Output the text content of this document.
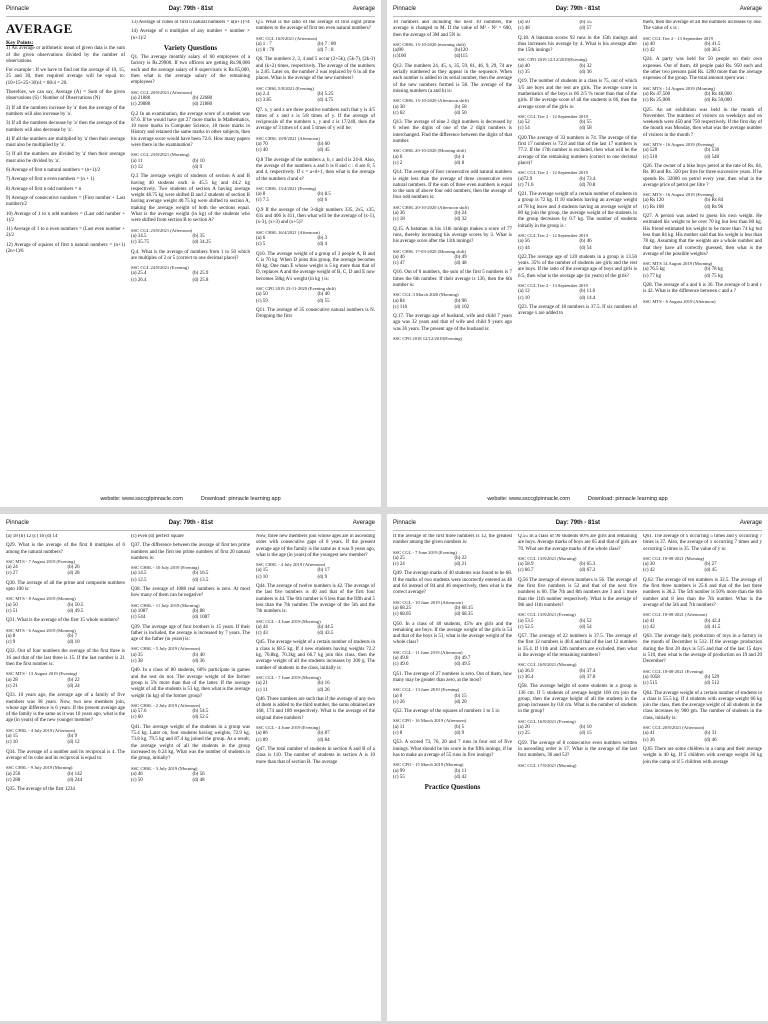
Pinnacle	Day: 79th - 81st	Average
AVERAGE
Key Points:

1) An average or arithmetic mean of given data is the sum of the given observations divided by the number of observations.

For example : If we have to find out the average of 10, 15, 25 and 30, then required average will be equal to: (10+15+25+30)/4 = 80/4 = 20.

Therefore, we can say, Average (A) = Sum of the given observations (S) / Number of Observations (N)

2) If all the numbers increase by 'a' then the average of the numbers will also increase by 'a'.

3) If all the numbers decrease by 'a' then the average of the numbers will also decrease by 'a'.

4) If all the numbers are multiplied by 'a' then their average must also be multiplied by 'a'.

5) If all the numbers are divided by 'a' then their average must also be divided by 'a'.

6) Average of first n natural numbers = (n+1)/2

7) Average of first n even numbers = (n + 1)

8) Average of first n odd numbers = n

9) Average of consecutive numbers = (First number + Last number)/2

10) Average of 1 to n odd numbers = (Last odd number + 1)/2

11) Average of 1 to n even numbers = (Last even number + 2)/2

12) Average of squares of first n natural numbers = (n+1)(2n+1)/6

13) Average of cubes of first n natural numbers = n(n+1)²/4

14) Average of n multiples of any number = number × (n+1)/2

Variety Questions

Q1. The average monthly salary of 60 employees of a factory is Rs.29900. If two officers are getting Rs.90,000 each and the average salary of 8 supervisors is Rs.65,000, then what is the average salary of the remaining employees?

SSC CGL 20/8/2021 (Afternoon)
(a) 21080	(b) 22680
(c) 29080	(d) 21880

Q.2 In an examination, the average score of a student was 67.6. If he would have got 27 more marks in Mathematics, 10 more marks in Computer Science, 18 more marks in History and retained the same marks in other subjects, then his average score would have been 72.6. How many papers were there in the examination?

SSC CGL 23/8/2021 (Morning)
(a) 11	(b) 10
(c) 12	(d) 9

Q.3 The average weight of students of section A and B having 40 students each is 45.5 kg and 44.2 kg respectively. Two students of section A having average weight 48.75 kg were shifted B and 2 students of section B having average weight 40.75 kg were shifted to section A, making the average weight of both the sections equal. What is the average weight (in kg) of the students who were shifted from section B to section A?

SSC CGL 23/8/2021 (Afternoon)
(a) 34.5	(b) 35
(c) 35.75	(d) 34.25

Q.4. What is the average of numbers from 1 to 50 which are multiples of 2 or 5 (correct to one decimal place)?

SSC CGL 24/8/2021 (Evening)
(a) 25.4	(b) 25.9
(c) 26.4	(d) 25.8

Q.5 What is the ratio of the average of first eight prime numbers to the average of first ten even natural numbers?

SSC CGL 16/8/2021 (Afternoon)
(a) 1 : 7	(b) 7 : 80
(c) 8 : 70	(d) 7 : 8

Q6. The numbers 2, 3, 4 and 5 occur (2+5k), (5k-7), (2k-3) and (k+2) times, respectively. The average of the numbers is 2.85. Later on, the number 2 was replaced by 6 in all the places. What is the average of the new numbers?

SSC CHSL 5/8/2021 (Evening)
(a) 2.4	(b) 5.25
(c) 3.85	(d) 4.75

Q7. x, y and z are three positive numbers such that y is 4/5 times of x and z is 5/8 times of y. If the average of reciprocals of the numbers x, y and z is 17/240, then the average of 3 times of x and 5 times of y will be:

SSC CHSL 18/8/2021 (Afternoon)
(a) 70	(b) 60
(c) 40	(d) 45

Q.8 The average of the numbers a, b, c and d is 24-8. Also, the average of the numbers a and b is 8 and c : d are 8, 5 and 4, respectively. If c = a+d+1, then what is the average of the numbers d and e?

SSC CHSL 13/4/2021 (Evening)
(a) 8	(b) 8.5
(c) 7.5	(d) 6

Q.9 If the average of the 3-digit numbers 335, 2x5, x35, 63x and 406 is 411, then what will be the average of (x-1), (x-3), (x+3) and (x+5)?

SSC CHSL 16/4/2021 (Afternoon)
(a) 6	(b) 3
(c) 5	(d) 4

Q10. The average weight of a group of 3 people A, B and C is 70 kg. When D joins this group, the average becomes 60 kg. One man E whose weight is 5 kg more than that of D, replaces A and the average weight of B, C, D and E now becomes 58kg A's weight (in kg ) is:

SSC CPO 2019 23-11-2020 (Evening shift)
(a) 50	(b) 40
(c) 59	(d) 55

Q11. The average of 35 consecutive natural numbers is N. Dropping the first

website: www.ssccglpinnacle.com	Download: pinnacle learning app
Pinnacle	Day: 79th - 81st	Average

10 numbers and including the next 10 numbers, the average is changed to M. If the value of M² - N² = 600, then the average of 3M and 5N is:

SSC CHSL 13-10-2020 (morning shift)
(a)90	(b)120
(c)100	(d)115

Q12. The numbers 24, 45, x, 35, 59, 81, 46, 9, 29, 74 are serially numbered as they appear in the sequence. When each number is added to its serial number, then the average of the new numbers formed is 58. The average of the missing numbers (a and b) is:

SSC CHSL 13-10-2020 (Afternoon shift)
(a) 38	(b) 58
(c) 62	(d) 50

Q13. The average of nine 2 digit numbers is decreased by 6 when the digits of one of the 2 digit numbers is interchanged. Find the difference between the digits of that number.

SSC CHSL 20-10-2020 (Morning shift)
(a) 6	(b) 4
(c) 2	(d) 8

Q14. The average of four consecutive odd natural numbers is eight less than the average of three consecutive even natural numbers. If the sum of three even numbers is equal to the sum of above four odd numbers, then the average of four odd numbers is:

SSC CHSL 20-10-2020 (Afternoon shift)
(a) 36	(b) 24
(c) 18	(d) 32

Q.15. A batsman in his 11th innings makes a score of 77 runs, thereby increasing his average scores by 3. What is his average score after the 11th innings?

SSC CHSL 17-03-2020 (Morning shift)
(a) 46	(b) 49
(c) 47	(d) 48

Q16. Out of 6 numbers, the sum of the first 5 numbers is 7 times the 6th number. If their average is 136, then the 6th number is:

SSC CGL 3 March 2020 (Morning)
(a) 84	(b) 96
(c) 116	(d) 102

Q.17. The average age of husband, wife and child 7 years ago was 32 years and that of wife and child 9 years ago was 36 years. The present age of the husband is:

SSC CPO 2018 12/12/2019(Evening)
(a) 50	(b) 55
(c) 48	(d) 57

Q.18. A batsman scores 92 runs in the 15th innings and thus increases his average by 4. What is his average after the 15th innings?

SSC CPO 2019 12/12/2019(Evening)
(a) 40	(b) 32
(c) 35	(d) 36

Q19. The number of students in a class is 75, out of which 3/5 are boys and the rest are girls. The average score in mathematics of the boys is 66 2/5 % more than that of the girls. If the average score of all the students is 66, then the average score of the girls is:

SSC CGL Tier 2 - 12 September 2019
(a) 52	(b) 55
(c) 54	(d) 58

Q20.The average of 33 numbers is 74. The average of the first 17 numbers is 72.8 and that of the last 17 numbers is 77.2. If the 17th number is excluded, then what will be the average of the remaining numbers (correct to one decimal place)?

SSC CGL Tier 2 - 12 September 2019
(a)72.9	(b) 73.4
(c) 71.6	(d) 70.8

Q21. The average weight of a certain number of students in a group is 72 kg. If 10 students having an average weight of 78 kg leave and 4 students having an average weight of 80 kg join the group, the average weight of the students in the group decreases by 0.7 kg. The number of students initially in the group is :

SSC CGL Tier 2 - 12 September 2019
(a) 56	(b) 46
(c) 44	(d) 54

Q22.The average age of 120 students in a group is 13.56 years. 35% of the number of students are girls and the rest are boys. If the ratio of the average age of boys and girls is 6:5, then what is the average age (in years) of the girls?

SSC CGL Tier 2 - 13 September 2019
(a) 12	(b) 11.6
(c) 10	(d) 14.4

Q23. The average of 18 numbers is 37.5. If six numbers of average x are added to

them, then the average of all the numbers increases by one. The value of x is :

SSC CGL Tier 2 - 13 September 2019
(a) 40	(b) 41.5
(c) 42	(d) 38.5

Q24. A party was held for 50 people on their own expenses. Out of them, 48 people paid Rs. 950 each and the other two persons paid Rs. 1200 more than the average expenses of the group. The total amount spent was :

SSC MTS - 14 August 2019 (Morning)
(a) Rs 47,500	(b) Rs 48,000
(c) Rs 25,000	(d) Rs 50,000

Q25. An art exhibition was held in the month of November. The numbers of visitors on weekdays and on weekends were 450 and 750 respectively. If the first day of the month was Monday, then what was the average number of visitors in the month ?

SSC MTS - 16 August 2019 (Evening)
(a) 520	(b) 530
(c) 510	(d) 540

Q26. The owner of a bike buys petrol at the rate of Rs. 64, Rs. 80 and Rs. 320 per litre for three successive years. If he spends Rs. 32000 on petrol every year, then what is the average price of petrol per litre ?

SSC MTS - 16 August 2019 (Evening)
(a) Rs 120	(b) Rs 84
(c) Rs 108	(d) Rs 96

Q27. A person was asked to guess his own weight. He estimated his weight to be over 70 kg but less than 80 kg. His friend estimated his weight to be more than 74 kg but less than 84 kg. His mother said that his weight is less than 78 kg. Assuming that the weights are a whole number and that they have all correctly guessed, then what is the average of the possible weights?

SSC MTS 14 August 2019 (Morning)
(a) 76.5 kg	(b) 78 kg
(c) 77 kg	(d) 75 kg

Q28. The average of a and b is 36. The average of b and c is 42. What is the difference between c and a ?

SSC MTS - 6 August 2019 (Afternoon)
website: www.ssccglpinnacle.com	Download: pinnacle learning app
Pinnacle	Day: 79th - 81st	Average

(a) 18 (b) 12 (c) 16 (d) 14

Q29. What is the average of the first 8 multiples of 6 among the natural numbers?

SSC MTS - 7 August 2019 (Evening)
(a) 24	(b) 26
(c) 27	(d) 28

Q30. The average of all the prime and composite numbers upto 100 is:

SSC MTS - 8 August 2019 (Morning)
(a) 50	(b) 50.5
(c) 51	(d) 49.5

Q31. What is the average of the first 15 whole numbers?

SSC MTS - 6 August 2019 (Morning)
(a) 8	(b) 7
(c) 9	(d) 10

Q32. Out of four numbers the average of the first three is 16 and that of the last three is 15. If the last number is 21 then the first number is:

SSC MTS - 13 August 2019 (Evening)
(a) 28	(b) 22
(c) 21	(d) 24

Q33. 10 years ago, the average age of a family of five members was 38 years. Now, two new members join, whose age difference is 6 years. If the present average age of the family is the same as it was 10 years ago, what is the age (in years) of the new younger member?

SSC CHSL - 4 July 2019 (Afternoon)
(a) 15	(b) 9
(c) 10	(d) 12

Q34. The average of a number and its reciprocal is 4. The average of its cube and its reciprocal is equal to:

SSC CHSL - 9 July 2019 (Morning)
(a) 256	(b) 142
(c) 288	(d) 244

Q35. The average of the first 1234

(c) even (d) perfect square

Q37. The difference between the average of first ten prime numbers and the first ten prime numbers of first 20 natural numbers is:

SSC CHSL - 10 July 2019 (Evening)
(a) 14.5	(b) 16.5
(c) 12.5	(d) 13.5

Q38. The average of 1088 real numbers is zero. At most how many of them can be negative?

SSC CHSL - 11 July 2019 (Morning)
(a) 1087	(b) 88
(c) 544	(d) 1087

Q39. The average age of four brothers is 15 years. If their father is included, the average is increased by 7 years. The age of the father (in years) is:

SSC CHSL - 5 July 2019 (Afternoon)
(a) 35	(b) 40
(c) 38	(d) 36

Q40. In a class of 80 students, 60% participate in games and the rest do not. The average weight of the former group is 5% more than that of the latter. If the average weight of all the students is 51 kg, then what is the average weight (in kg) of the former group?

SSC CHSL - 2 July 2019 (Afternoon)
(a) 57.6	(b) 54.5
(c) 60	(d) 52.5

Q41. The average weight of the students in a group was 75.4 kg. Later on, four students having weights, 72.9 kg, 73.8 kg, 79.5 kg and 87.4 kg joined the group. As a result, the average weight of all the students in the group increased by 0.24 kg. What was the number of students in the group, initially?

SSC CHSL - 3 July 2019 (Morning)
(a) 46	(b) 56
(c) 50	(d) 48

Now, three new members join whose ages are in ascending order with consecutive gaps of 8 years. If the present average age of the family is the same as it was 9 years ago, what is the age (in years) of the youngest new member?

SSC CHSL - 4 July 2019 (Afternoon)
(a) 15	(b) 17
(c) 10	(d) 9

Q44. The average of twelve numbers is 42. The average of the last five numbers is 40 and that of the first four numbers is 44. The 6th number is 6 less than the fifth and 5 less than the 7th number. The average of the 5th and the 7th numbers is:

SSC CGL - 4 June 2019 (Morning)
(a) 44	(b) 44.5
(c) 43	(d) 43.5

Q45. The average weight of a certain number of students in a class is 68.5 kg. If 4 new students having weights 72.2 kg, 70.8kg, 70.3kg and 66.7 kg join this class, then the average weight of all the students increases by 300 g. The number of students in the class, initially is:

SSC CGL - 7 June 2019 (Morning)
(a) 21	(b) 16
(c) 11	(d) 26

Q46. Three numbers are such that if the average of any two of them is added to the third number, the sums obtained are 168, 174 and 180 respectively. What is the average of the original three numbers?

SSC CGL - 4 June 2019 (Evening)
(a) 86	(b) 87
(c) 89	(d) 84

Q47. The total number of students in section A and B of a class is 110. The number of students in section A is 10 more than that of section B. The average

Pinnacle	Day: 79th - 81st	Average

If the average of the first three numbers is 12, the greatest number among the given numbers is:

SSC CGL - 7 June 2019 (Evening)
(a) 25	(b) 22
(c) 24	(d) 21

Q49. The average marks of 40 students was found to be 68. If the marks of two students were incorrectly entered as 48 and 64 instead of 84 and 46 respectively, then what is the correct average?

SSC CGL - 10 June 2019 (Afternoon)
(a) 68.25	(b) 68.15
(c) 68.05	(d) 68.35

Q50. In a class of 40 students, 45% are girls and the remaining are boys. If the average weight of the girls is 54 and that of the boys is 51, what is the average weight of the whole class?

SSC CGL - 11 June 2019 (Afternoon)
(a) 49.8	(b) 49.7
(c) 49.6	(d) 49.5

Q51. The average of 27 numbers is zero. Out of them, how many may be greater than zero, at the most?

SSC CGL - 13 June 2019 (Evening)
(a) 0	(b) 15
(c) 26	(d) 20

Q52. The average of the squares of numbers 1 to 5 is:

SSC CPO - 16 March 2019 (Afternoon)
(a) 11	(b) 5
(c) 8	(d) 9

Q53. A scored 73, 76, 20 and 7 runs in four out of five innings. What should be his score in the fifth innings, if he has to make an average of 55 runs in five innings?

SSC CPO - 15 March 2019 (Morning)
(a) 99	(b) 11
(c) 55	(d) 42
Practice Questions

Q.55 In a class of 90 students 60% are girls and remaining are boys. Average marks of boys are 65 and that of girls are 70. What are the average marks of the whole class?

SSC CGL 13/8/2021 (Morning)
(a) 58.9	(b) 65.3
(c) 66.7	(d) 67.2

Q.56 The average of eleven numbers is 56. The average of the first five numbers is 52 and that of the next five numbers is 60. The 7th and 8th numbers are 3 and 1 more than the 11th number respectively. What is the average of 9th and 11th numbers?

SSC CGL 13/8/2021 (Evening)
(a) 53.5	(b) 52
(c) 52.5	(d) 54

Q57. The average of 22 numbers is 37.5. The average of the first 12 numbers is 40.6 and that of the last 12 numbers is 35.4. If 11th and 12th numbers are excluded, then what is the average of the remaining numbers?

SSC CGL 16/8/2021 (Morning)
(a) 36.9	(b) 37.4
(c) 36.4	(d) 37.8

Q58. The average height of some students in a group is 136 cm. If 5 students of average height 160 cm join the group, then the average height of all the students in the group increases by 0.8 cm. What is the number of students in the group?

SSC CGL 16/8/2021 (Evening)
(a) 20	(b) 10
(c) 25	(d) 15

Q59. The average of 8 consecutive even numbers written in ascending order is 17. What is the average of the last four numbers, 36 and 53?

SSC CGL 17/8/2021 (Morning)

Q61. The average of x occurring 5 times and y occurring 7 times is 37. Also, the average of x occurring 7 times and y occurring 5 times is 35. The value of y is:

SSC CGL 18-08-2021 (Morning)
(a) 30	(b) 27
(c) 42	(d) 45

Q.62. The average of ten numbers is 32.5. The average of the first three numbers is 25.6 and that of the last three numbers is 38.2. The 5th number is 50% more than the 6th number and 8 less than the 7th number. What is the average of the 5th and 7th numbers?

SSC CGL 18-08-2021 (Afternoon)
(a) 41	(b) 42.4
(c) 42	(d) 41.5

Q63. The average daily production of toys in a factory in the month of December is 512. If the average production during the first 20 days is 515 and that of the last 15 days is 510, then what is the average of production on 19 and 20 December?

SSC CGL 18-08-2021 (Evening)
(a) 1058	(b) 529
(c) 515	(d) 512

Q64. The average weight of a certain number of students in a class is 55.5 kg. If 4 students with average weight 60 kg join the class, then the average weight of all students in the class increases by 900 gm. The number of students in the class, initially is:

SSC CGL 20/8/2021 (Afternoon)
(a) 41	(b) 31
(c) 36	(d) 46

Q.65 There are some children in a camp and their average weight is 40 kg. If 5 children with average weight 36 kg join the camp or if 5 children with average
